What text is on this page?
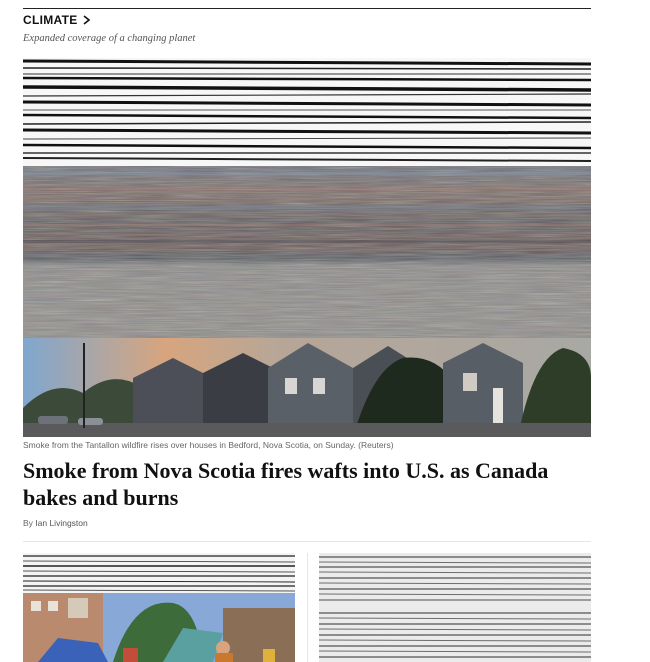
CLIMATE
Expanded coverage of a changing planet
Smoke from the Tantallon wildfire rises over houses in Bedford, Nova Scotia, on Sunday. (Reuters)
Smoke from Nova Scotia fires wafts into U.S. as Canada bakes and burns
By Ian Livingston
